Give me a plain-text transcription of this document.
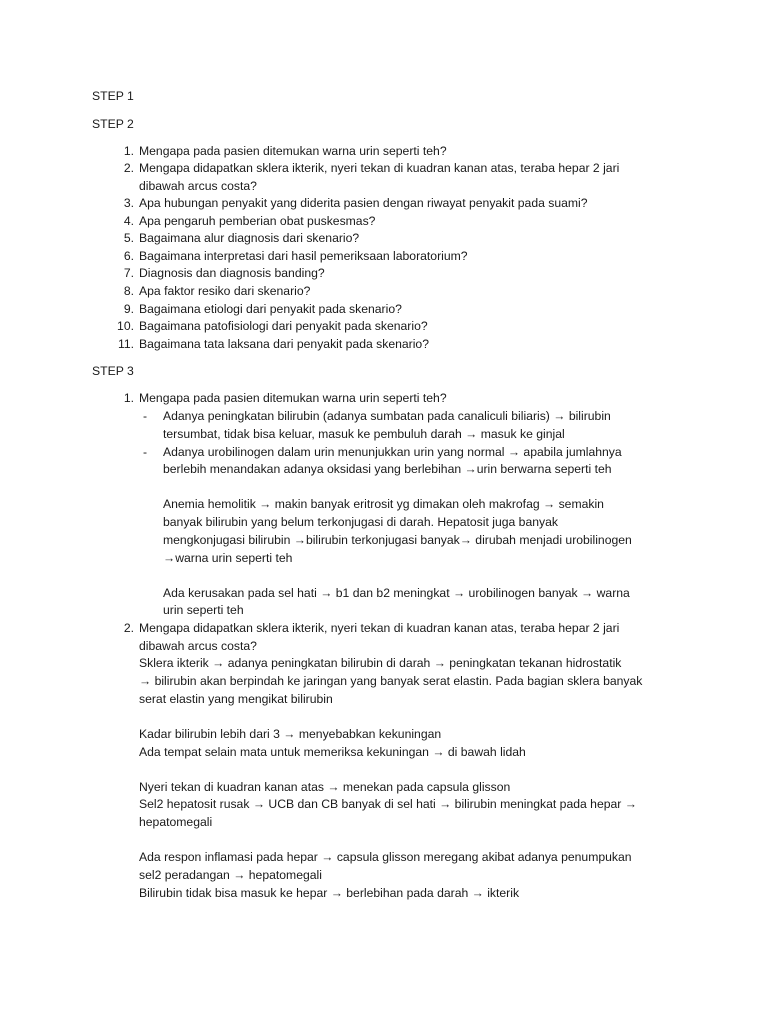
STEP 1
STEP 2
1. Mengapa pada pasien ditemukan warna urin seperti teh?
2. Mengapa didapatkan sklera ikterik, nyeri tekan di kuadran kanan atas, teraba hepar 2 jari
dibawah arcus costa?
3. Apa hubungan penyakit yang diderita pasien dengan riwayat penyakit pada suami?
4. Apa pengaruh pemberian obat puskesmas?
5. Bagaimana alur diagnosis dari skenario?
6. Bagaimana interpretasi dari hasil pemeriksaan laboratorium?
7. Diagnosis dan diagnosis banding?
8. Apa faktor resiko dari skenario?
9. Bagaimana etiologi dari penyakit pada skenario?
10. Bagaimana patofisiologi dari penyakit pada skenario?
11. Bagaimana tata laksana dari penyakit pada skenario?
STEP 3
1. Mengapa pada pasien ditemukan warna urin seperti teh?
- Adanya peningkatan bilirubin (adanya sumbatan pada canaliculi biliaris) → bilirubin
tersumbat, tidak bisa keluar, masuk ke pembuluh darah → masuk ke ginjal
- Adanya urobilinogen dalam urin menunjukkan urin yang normal → apabila jumlahnya
berlebih menandakan adanya oksidasi yang berlebihan →urin berwarna seperti teh
Anemia hemolitik → makin banyak eritrosit yg dimakan oleh makrofag → semakin
banyak bilirubin yang belum terkonjugasi di darah. Hepatosit juga banyak
mengkonjugasi bilirubin →bilirubin terkonjugasi banyak→ dirubah menjadi urobilinogen
→warna urin seperti teh
Ada kerusakan pada sel hati → b1 dan b2 meningkat → urobilinogen banyak → warna
urin seperti teh
2. Mengapa didapatkan sklera ikterik, nyeri tekan di kuadran kanan atas, teraba hepar 2 jari
dibawah arcus costa?
Sklera ikterik → adanya peningkatan bilirubin di darah → peningkatan tekanan hidrostatik
→ bilirubin akan berpindah ke jaringan yang banyak serat elastin. Pada bagian sklera banyak
serat elastin yang mengikat bilirubin
Kadar bilirubin lebih dari 3 → menyebabkan kekuningan
Ada tempat selain mata untuk memeriksa kekuningan → di bawah lidah
Nyeri tekan di kuadran kanan atas → menekan pada capsula glisson
Sel2 hepatosit rusak → UCB dan CB banyak di sel hati → bilirubin meningkat pada hepar →
hepatomegali
Ada respon inflamasi pada hepar → capsula glisson meregang akibat adanya penumpukan
sel2 peradangan → hepatomegali
Bilirubin tidak bisa masuk ke hepar → berlebihan pada darah → ikterik
